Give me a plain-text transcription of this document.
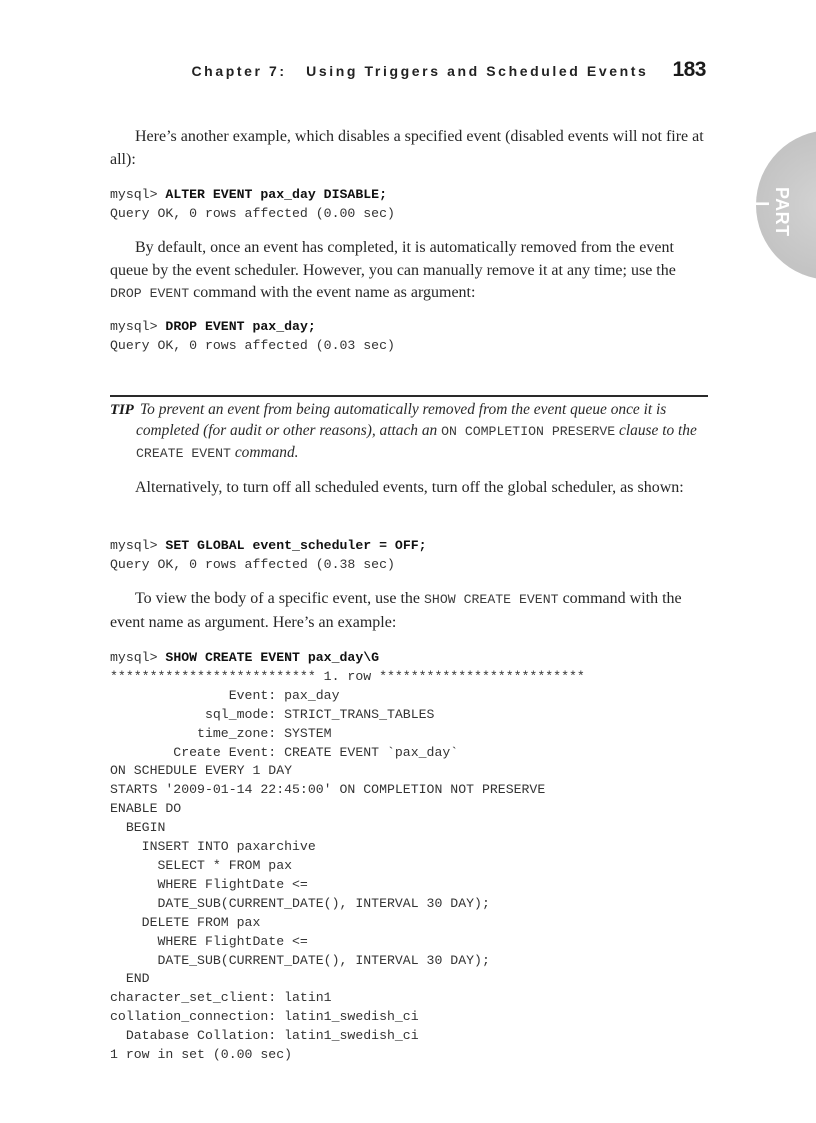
Chapter 7:   Using Triggers and Scheduled Events 183
PART I

Here’s another example, which disables a specified event (disabled events will not fire at all):

mysql> ALTER EVENT pax_day DISABLE;
Query OK, 0 rows affected (0.00 sec)

By default, once an event has completed, it is automatically removed from the event queue by the event scheduler. However, you can manually remove it at any time; use the DROP EVENT command with the event name as argument:

mysql> DROP EVENT pax_day;
Query OK, 0 rows affected (0.03 sec)
TIP To prevent an event from being automatically removed from the event queue once it is completed (for audit or other reasons), attach an ON COMPLETION PRESERVE clause to the CREATE EVENT command.

Alternatively, to turn off all scheduled events, turn off the global scheduler, as shown:

mysql> SET GLOBAL event_scheduler = OFF;
Query OK, 0 rows affected (0.38 sec)

To view the body of a specific event, use the SHOW CREATE EVENT command with the event name as argument. Here’s an example:

mysql> SHOW CREATE EVENT pax_day\G
************************** 1. row **************************
Event: pax_day
sql_mode: STRICT_TRANS_TABLES
time_zone: SYSTEM
Create Event: CREATE EVENT `pax_day`
ON SCHEDULE EVERY 1 DAY
STARTS '2009-01-14 22:45:00' ON COMPLETION NOT PRESERVE
ENABLE DO
BEGIN
INSERT INTO paxarchive
SELECT * FROM pax
WHERE FlightDate <=
DATE_SUB(CURRENT_DATE(), INTERVAL 30 DAY);
DELETE FROM pax
WHERE FlightDate <=
DATE_SUB(CURRENT_DATE(), INTERVAL 30 DAY);
END
character_set_client: latin1
collation_connection: latin1_swedish_ci
Database Collation: latin1_swedish_ci
1 row in set (0.00 sec)
